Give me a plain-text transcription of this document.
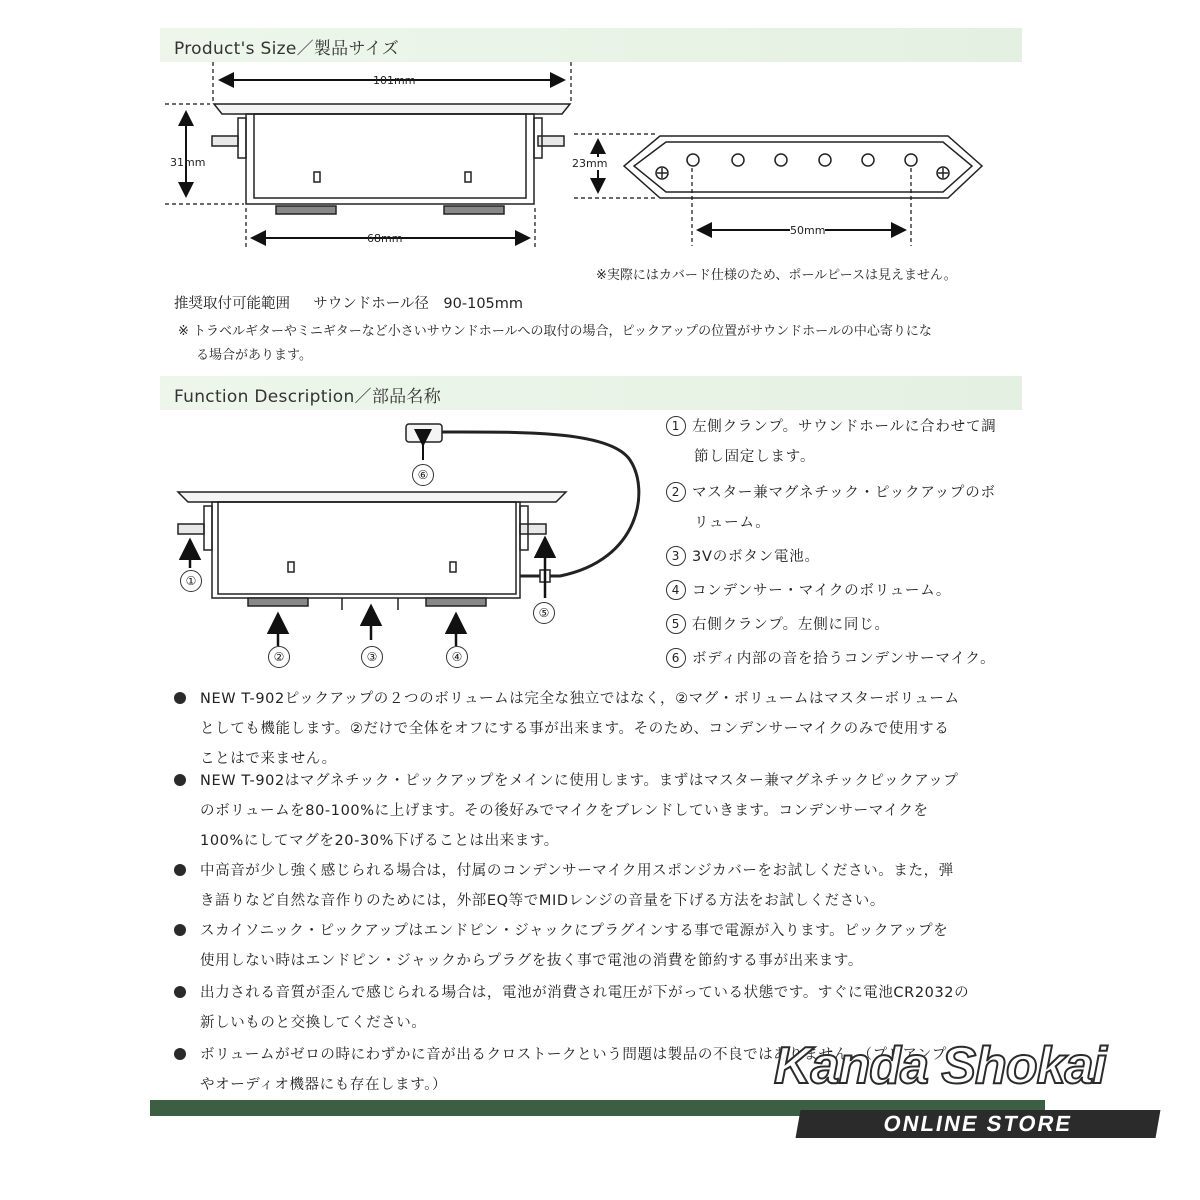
Product's Size／製品サイズ
101mm
31mm
68mm
23mm
50mm
※実際にはカバード仕様のため、ポールピースは見えません。
推奨取付可能範囲 サウンドホール径　90-105mm
※ トラベルギターやミニギターなど小さいサウンドホールへの取付の場合，ピックアップの位置がサウンドホールの中心寄りにな
る場合があります。
Function Description／部品名称
⑥
①
②	③	④
⑤
1 左側クランプ。サウンドホールに合わせて調
節し固定します。
2 マスター兼マグネチック・ピックアップのボ
リューム。
3 3Vのボタン電池。
4 コンデンサー・マイクのボリューム。
5 右側クランプ。左側に同じ。
6 ボディ内部の音を拾うコンデンサーマイク。
NEW T-902ピックアップの２つのボリュームは完全な独立ではなく，②マグ・ボリュームはマスターボリューム
としても機能します。②だけで全体をオフにする事が出来ます。そのため、コンデンサーマイクのみで使用する
ことはで来ません。
NEW T-902はマグネチック・ピックアップをメインに使用します。まずはマスター兼マグネチックピックアップ
のボリュームを80-100%に上げます。その後好みでマイクをブレンドしていきます。コンデンサーマイクを
100%にしてマグを20-30%下げることは出来ます。
中高音が少し強く感じられる場合は，付属のコンデンサーマイク用スポンジカバーをお試しください。また，弾
き語りなど自然な音作りのためには，外部EQ等でMIDレンジの音量を下げる方法をお試しください。
スカイソニック・ピックアップはエンドピン・ジャックにプラグインする事で電源が入ります。ピックアップを
使用しない時はエンドピン・ジャックからプラグを抜く事で電池の消費を節約する事が出来ます。
出力される音質が歪んで感じられる場合は，電池が消費され電圧が下がっている状態です。すぐに電池CR2032の
新しいものと交換してください。
ボリュームがゼロの時にわずかに音が出るクロストークという問題は製品の不良ではありません。（プリアンプ
やオーディオ機器にも存在します。）	Kanda Shokai
ONLINE STORE
